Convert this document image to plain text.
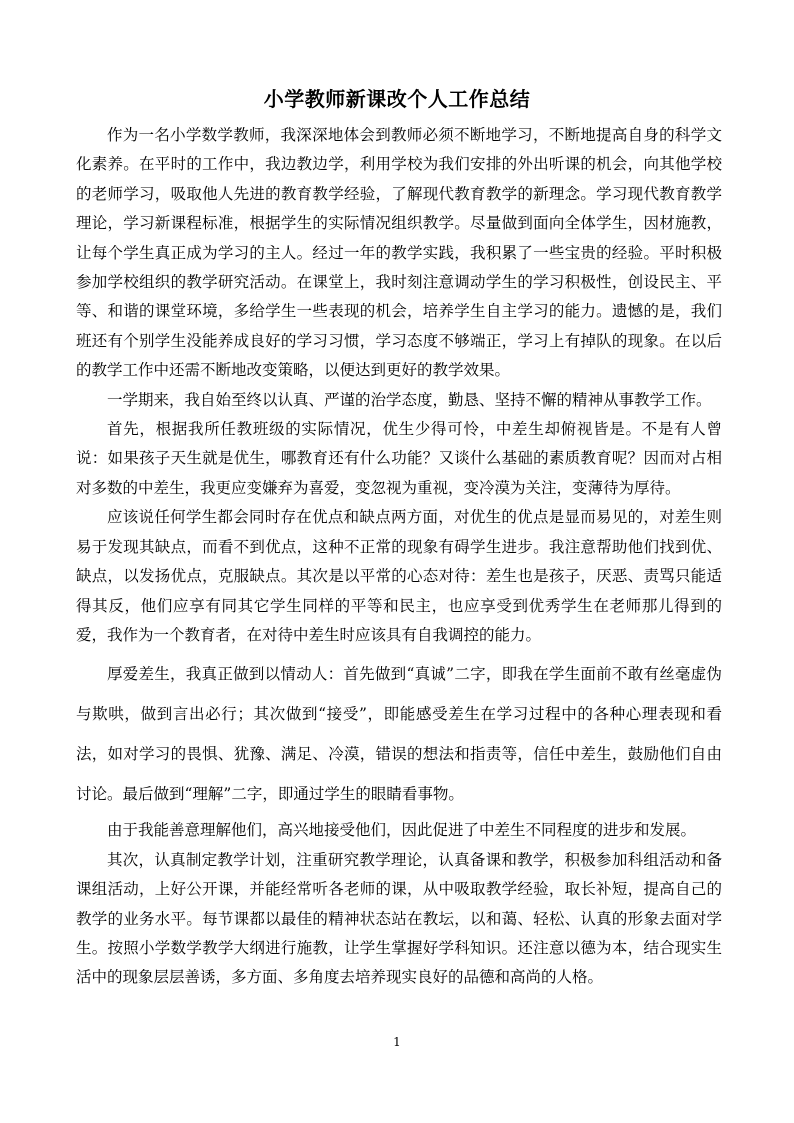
小学教师新课改个人工作总结

作为一名小学数学教师，我深深地体会到教师必须不断地学习，不断地提高自身的科学文化素养。在平时的工作中，我边教边学，利用学校为我们安排的外出听课的机会，向其他学校的老师学习，吸取他人先进的教育教学经验，了解现代教育教学的新理念。学习现代教育教学理论，学习新课程标准，根据学生的实际情况组织教学。尽量做到面向全体学生，因材施教，让每个学生真正成为学习的主人。经过一年的教学实践，我积累了一些宝贵的经验。平时积极参加学校组织的教学研究活动。在课堂上，我时刻注意调动学生的学习积极性，创设民主、平等、和谐的课堂环境，多给学生一些表现的机会，培养学生自主学习的能力。遗憾的是，我们班还有个别学生没能养成良好的学习习惯，学习态度不够端正，学习上有掉队的现象。在以后的教学工作中还需不断地改变策略，以便达到更好的教学效果。

一学期来，我自始至终以认真、严谨的治学态度，勤恳、坚持不懈的精神从事教学工作。

首先，根据我所任教班级的实际情况，优生少得可怜，中差生却俯视皆是。不是有人曾说：如果孩子天生就是优生，哪教育还有什么功能？又谈什么基础的素质教育呢？因而对占相对多数的中差生，我更应变嫌弃为喜爱，变忽视为重视，变冷漠为关注，变薄待为厚待。

应该说任何学生都会同时存在优点和缺点两方面，对优生的优点是显而易见的，对差生则易于发现其缺点，而看不到优点，这种不正常的现象有碍学生进步。我注意帮助他们找到优、缺点，以发扬优点，克服缺点。其次是以平常的心态对待：差生也是孩子，厌恶、责骂只能适得其反，他们应享有同其它学生同样的平等和民主，也应享受到优秀学生在老师那儿得到的爱，我作为一个教育者，在对待中差生时应该具有自我调控的能力。

厚爱差生，我真正做到以情动人：首先做到“真诚”二字，即我在学生面前不敢有丝毫虚伪与欺哄，做到言出必行；其次做到“接受”，即能感受差生在学习过程中的各种心理表现和看法，如对学习的畏惧、犹豫、满足、冷漠，错误的想法和指责等，信任中差生，鼓励他们自由讨论。最后做到“理解”二字，即通过学生的眼睛看事物。

由于我能善意理解他们，高兴地接受他们，因此促进了中差生不同程度的进步和发展。

其次，认真制定教学计划，注重研究教学理论，认真备课和教学，积极参加科组活动和备课组活动，上好公开课，并能经常听各老师的课，从中吸取教学经验，取长补短，提高自己的教学的业务水平。每节课都以最佳的精神状态站在教坛，以和蔼、轻松、认真的形象去面对学生。按照小学数学教学大纲进行施教，让学生掌握好学科知识。还注意以德为本，结合现实生活中的现象层层善诱，多方面、多角度去培养现实良好的品德和高尚的人格。

1
